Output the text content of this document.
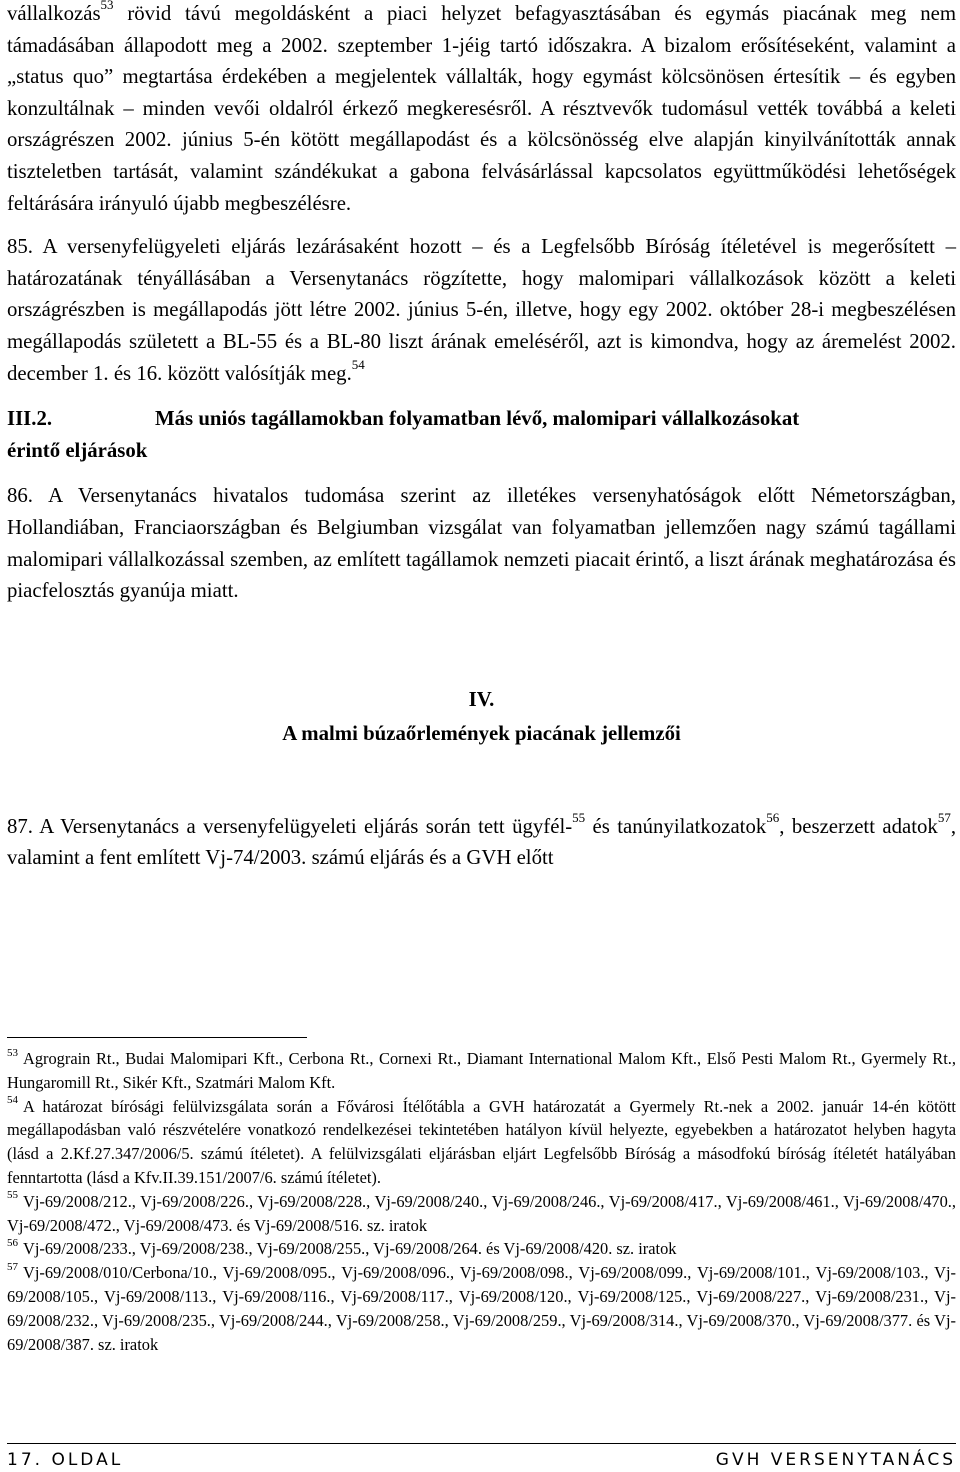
vállalkozás$^{53}$ rövid távú megoldásként a piaci helyzet befagyasztásában és egymás piacának meg nem támadásában állapodott meg a 2002. szeptember 1-jéig tartó időszakra. A bizalom erősítéseként, valamint a „status quo” megtartása érdekében a megjelentek vállalták, hogy egymást kölcsönösen értesítik – és egyben konzultálnak – minden vevői oldalról érkező megkeresésről. A résztvevők tudomásul vették továbbá a keleti országrészen 2002. június 5-én kötött megállapodást és a kölcsönösség elve alapján kinyilvánították annak tiszteletben tartását, valamint szándékukat a gabona felvásárlással kapcsolatos együttműködési lehetőségek feltárására irányuló újabb megbeszélésre.

85. A versenyfelügyeleti eljárás lezárásaként hozott – és a Legfelsőbb Bíróság ítéletével is megerősített – határozatának tényállásában a Versenytanács rögzítette, hogy malomipari vállalkozások között a keleti országrészben is megállapodás jött létre 2002. június 5-én, illetve, hogy egy 2002. október 28-i megbeszélésen megállapodás született a BL-55 és a BL-80 liszt árának emeléséről, azt is kimondva, hogy az áremelést 2002. december 1. és 16. között valósítják meg.$^{54}$

III.2.	Más uniós tagállamokban folyamatban lévő, malomipari vállalkozásokat
érintő eljárások

86. A Versenytanács hivatalos tudomása szerint az illetékes versenyhatóságok előtt Németországban, Hollandiában, Franciaországban és Belgiumban vizsgálat van folyamatban jellemzően nagy számú tagállami malomipari vállalkozással szemben, az említett tagállamok nemzeti piacait érintő, a liszt árának meghatározása és piacfelosztás gyanúja miatt.

IV.
A malmi búzaőrlemények piacának jellemzői

87. A Versenytanács a versenyfelügyeleti eljárás során tett ügyfél-$^{55}$ és tanúnyilatkozatok$^{56}$, beszerzett adatok$^{57}$, valamint a fent említett Vj-74/2003. számú eljárás és a GVH előtt

$^{53}$ Agrograin Rt., Budai Malomipari Kft., Cerbona Rt., Cornexi Rt., Diamant International Malom Kft., Első Pesti Malom Rt., Gyermely Rt., Hungaromill Rt., Sikér Kft., Szatmári Malom Kft.

$^{54}$ A határozat bírósági felülvizsgálata során a Fővárosi Ítélőtábla a GVH határozatát a Gyermely Rt.-nek a 2002. január 14-én kötött megállapodásban való részvételére vonatkozó rendelkezései tekintetében hatályon kívül helyezte, egyebekben a határozatot helyben hagyta (lásd a 2.Kf.27.347/2006/5. számú ítéletet). A felülvizsgálati eljárásban eljárt Legfelsőbb Bíróság a másodfokú bíróság ítéletét hatályában fenntartotta (lásd a Kfv.II.39.151/2007/6. számú ítéletet).

$^{55}$ Vj-69/2008/212., Vj-69/2008/226., Vj-69/2008/228., Vj-69/2008/240., Vj-69/2008/246., Vj-69/2008/417., Vj-69/2008/461., Vj-69/2008/470., Vj-69/2008/472., Vj-69/2008/473. és Vj-69/2008/516. sz. iratok

$^{56}$ Vj-69/2008/233., Vj-69/2008/238., Vj-69/2008/255., Vj-69/2008/264. és Vj-69/2008/420. sz. iratok

$^{57}$ Vj-69/2008/010/Cerbona/10., Vj-69/2008/095., Vj-69/2008/096., Vj-69/2008/098., Vj-69/2008/099., Vj-69/2008/101., Vj-69/2008/103., Vj-69/2008/105., Vj-69/2008/113., Vj-69/2008/116., Vj-69/2008/117., Vj-69/2008/120., Vj-69/2008/125., Vj-69/2008/227., Vj-69/2008/231., Vj-69/2008/232., Vj-69/2008/235., Vj-69/2008/244., Vj-69/2008/258., Vj-69/2008/259., Vj-69/2008/314., Vj-69/2008/370., Vj-69/2008/377. és Vj-69/2008/387. sz. iratok

17. OLDAL	GVH VERSENYTANÁCS
